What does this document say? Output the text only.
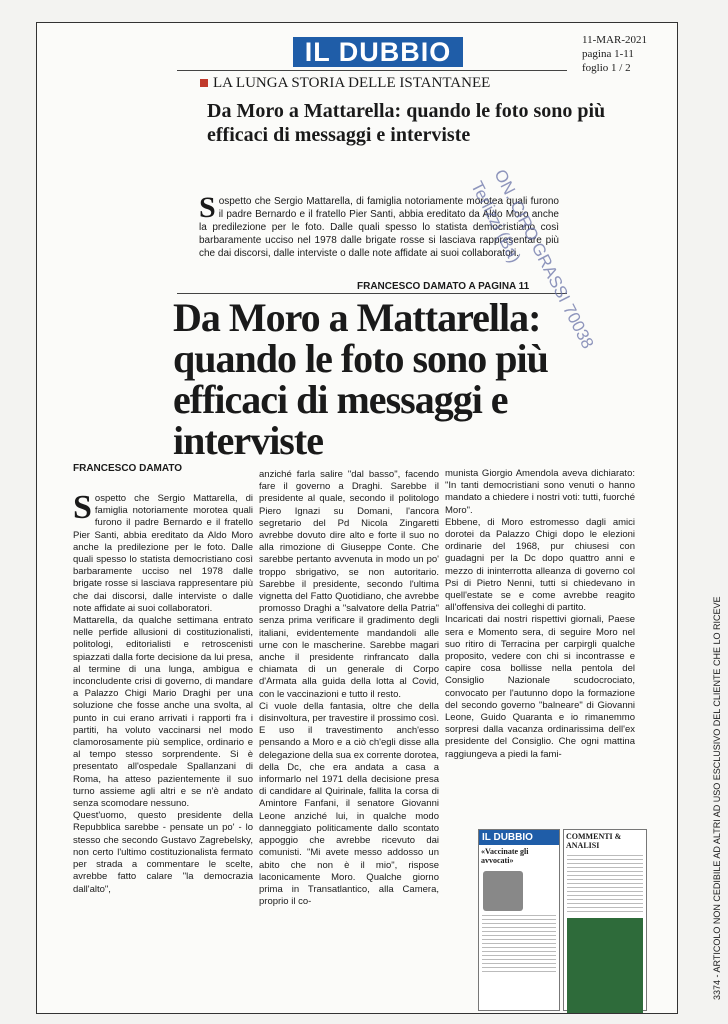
IL DUBBIO	11-MAR-2021
pagina 1-11
foglio 1 / 2
LA LUNGA STORIA DELLE ISTANTANEE
Da Moro a Mattarella: quando le foto sono più efficaci di messaggi e interviste
Sospetto che Sergio Mattarella, di famiglia notoriamente morotea quali furono il padre Bernardo e il fratello Pier Santi, abbia ereditato da Aldo Moro anche la predilezione per le foto. Dalle quali spesso lo statista democristiano così barbaramente ucciso nel 1978 dalle brigate rosse si lasciava rappresentare più che dai discorsi, dalle interviste o dalle note affidate ai suoi collaboratori.
FRANCESCO DAMATO A PAGINA 11
Da Moro a Mattarella: quando le foto sono più efficaci di messaggi e interviste
FRANCESCO DAMATO
S ospetto che Sergio Mattarella, di famiglia notoriamente morotea quali furono il padre Bernardo e il fratello Pier Santi, abbia ereditato da Aldo Moro anche la predilezione per le foto. Dalle quali spesso lo statista democristiano così barbaramente ucciso nel 1978 dalle brigate rosse si lasciava rappresentare più che dai discorsi, dalle interviste o dalle note affidate ai suoi collaboratori.

Mattarella, da qualche settimana entrato nelle perfide allusioni di costituzionalisti, politologi, editorialisti e retroscenisti spiazzati dalla forte decisione da lui presa, al termine di una lunga, ambigua e inconcludente crisi di governo, di mandare a Palazzo Chigi Mario Draghi per una soluzione che fosse anche una svolta, al punto in cui erano arrivati i rapporti fra i partiti, ha voluto vaccinarsi nel modo clamorosamente più semplice, ordinario e al tempo stesso sorprendente. Si è presentato all'ospedale Spallanzani di Roma, ha atteso pazientemente il suo turno assieme agli altri e se n'è andato senza scomodare nessuno.

Quest'uomo, questo presidente della Repubblica sarebbe - pensate un po' - lo stesso che secondo Gustavo Zagrebelsky, non certo l'ultimo costituzionalista fermato per strada a commentare le scelte, avrebbe fatto calare "la democrazia dall'alto",

anziché farla salire "dal basso", facendo fare il governo a Draghi. Sarebbe il presidente al quale, secondo il politologo Piero Ignazi su Domani, l'ancora segretario del Pd Nicola Zingaretti avrebbe dovuto dire alto e forte il suo no alla rimozione di Giuseppe Conte. Che sarebbe pertanto avvenuta in modo un po' troppo sbrigativo, se non autoritario. Sarebbe il presidente, secondo l'ultima vignetta del Fatto Quotidiano, che avrebbe promosso Draghi a "salvatore della Patria" senza prima verificare il gradimento degli italiani, evidentemente mandandoli alle urne con le mascherine. Sarebbe magari anche il presidente rinfrancato dalla chiamata di un generale di Corpo d'Armata alla guida della lotta al Covid, con le vaccinazioni e tutto il resto.

Ci vuole della fantasia, oltre che della disinvoltura, per travestire il prossimo così. E uso il travestimento anch'esso pensando a Moro e a ciò ch'egli disse alla delegazione della sua ex corrente dorotea, della Dc, che era andata a casa a informarlo nel 1971 della decisione presa di candidare al Quirinale, fallita la corsa di Amintore Fanfani, il senatore Giovanni Leone anziché lui, in qualche modo danneggiato politicamente dallo scontato appoggio che avrebbe ricevuto dai comunisti. "Mi avete messo addosso un abito che non è il mio", rispose laconicamente Moro. Qualche giorno prima in Transatlantico, alla Camera, proprio il co-

munista Giorgio Amendola aveva dichiarato: "In tanti democristiani sono venuti o hanno mandato a chiedere i nostri voti: tutti, fuorché Moro".

Ebbene, di Moro estromesso dagli amici dorotei da Palazzo Chigi dopo le elezioni ordinarie del 1968, pur chiusesi con guadagni per la Dc dopo quattro anni e mezzo di ininterrotta alleanza di governo col Psi di Pietro Nenni, tutti si chiedevano in quell'estate se e come avrebbe reagito all'offensiva dei colleghi di partito.

Incaricati dai nostri rispettivi giornali, Paese sera e Momento sera, di seguire Moro nel suo ritiro di Terracina per carpirgli qualche proposito, vedere con chi si incontrasse e capire cosa bollisse nella pentola del Consiglio Nazionale scudocrociato, convocato per l'autunno dopo la formazione del secondo governo "balneare" di Giovanni Leone, Guido Quaranta e io rimanemmo sorpresi dalla vacanza ordinarissima dell'ex presidente del Consiglio. Che ogni mattina raggiungeva a piedi la fami-

IL DUBBIO
«Vaccinate gli avvocati»
COMMENTI & ANALISI
ON. CIRO GRASSI 70038 Terlizzi (Ba)
3374 - ARTICOLO NON CEDIBILE AD ALTRI AD USO ESCLUSIVO DEL CLIENTE CHE LO RICEVE
